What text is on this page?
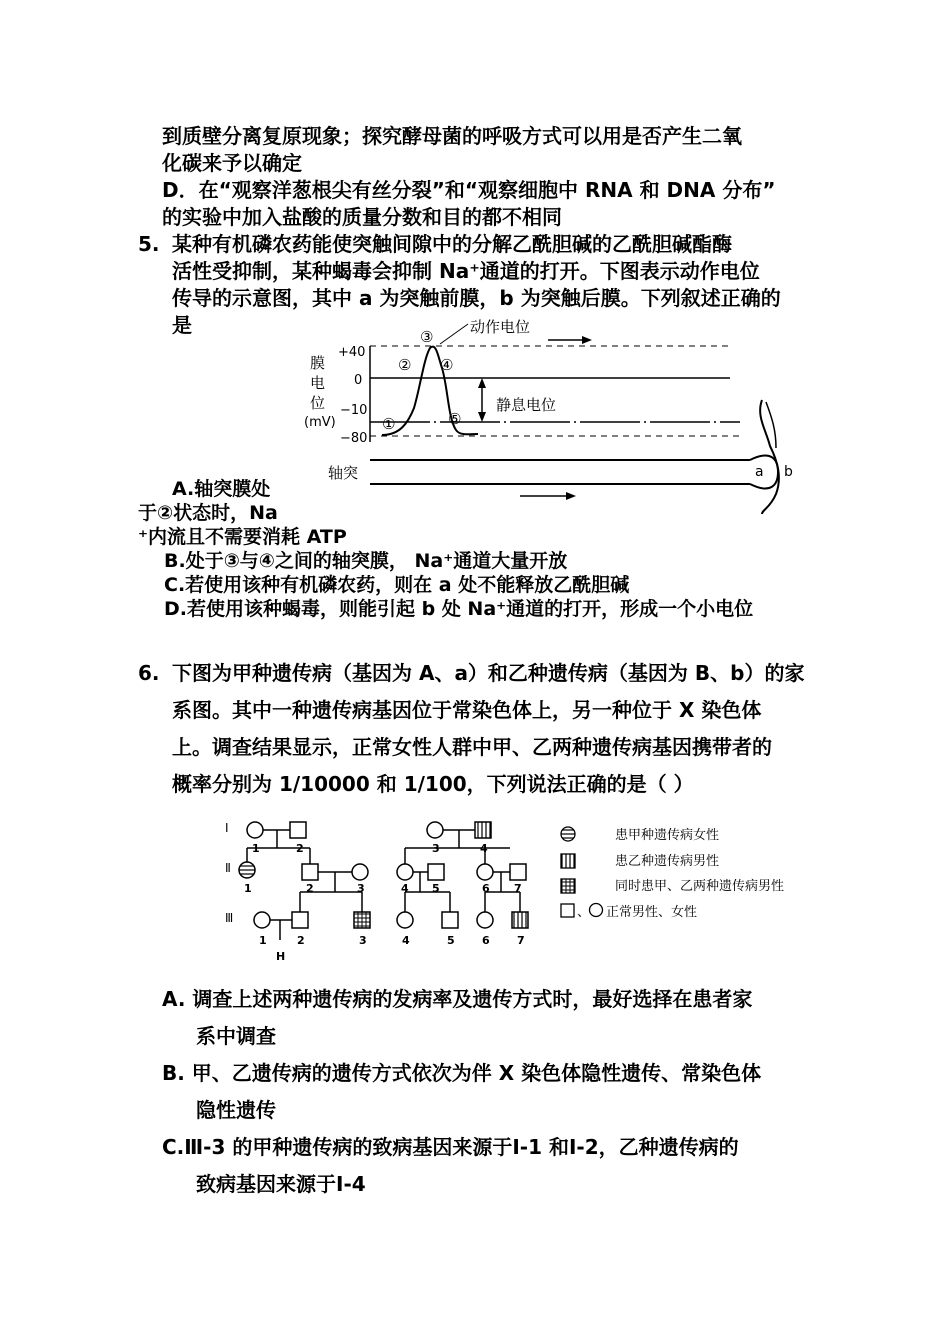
到质壁分离复原现象；探究酵母菌的呼吸方式可以用是否产生二氧
化碳来予以确定
D．在“观察洋葱根尖有丝分裂”和“观察细胞中 RNA 和 DNA 分布”
的实验中加入盐酸的质量分数和目的都不相同
5. 某种有机磷农药能使突触间隙中的分解乙酰胆碱的乙酰胆碱酯酶
活性受抑制，某种蝎毒会抑制 Na⁺通道的打开。下图表示动作电位
传导的示意图，其中 a 为突触前膜，b 为突触后膜。下列叙述正确的
是
膜
电
位
(mV)
+40
0
−10
−80
①
②
③
④
⑤
动作电位
静息电位
轴突	a b
A.轴突膜处
于②状态时，Na
⁺内流且不需要消耗 ATP
B.处于③与④之间的轴突膜， Na⁺通道大量开放
C.若使用该种有机磷农药，则在 a 处不能释放乙酰胆碱
D.若使用该种蝎毒，则能引起 b 处 Na⁺通道的打开，形成一个小电位
6. 下图为甲种遗传病（基因为 A、a）和乙种遗传病（基因为 B、b）的家
系图。其中一种遗传病基因位于常染色体上，另一种位于 X 染色体
上。调查结果显示，正常女性人群中甲、乙两种遗传病基因携带者的
概率分别为 1/10000 和 1/100，下列说法正确的是（ ）
Ⅰ
Ⅱ
Ⅲ
1	2	3	4
1	2	3	4 5	6 7
1	2	3	4	5 6 7
H
患甲种遗传病女性
患乙种遗传病男性
同时患甲、乙两种遗传病男性
、 正常男性、女性
A. 调查上述两种遗传病的发病率及遗传方式时，最好选择在患者家
系中调查
B. 甲、乙遗传病的遗传方式依次为伴 X 染色体隐性遗传、常染色体
隐性遗传
C.Ⅲ-3 的甲种遗传病的致病基因来源于Ⅰ-1 和Ⅰ-2，乙种遗传病的
致病基因来源于Ⅰ-4
